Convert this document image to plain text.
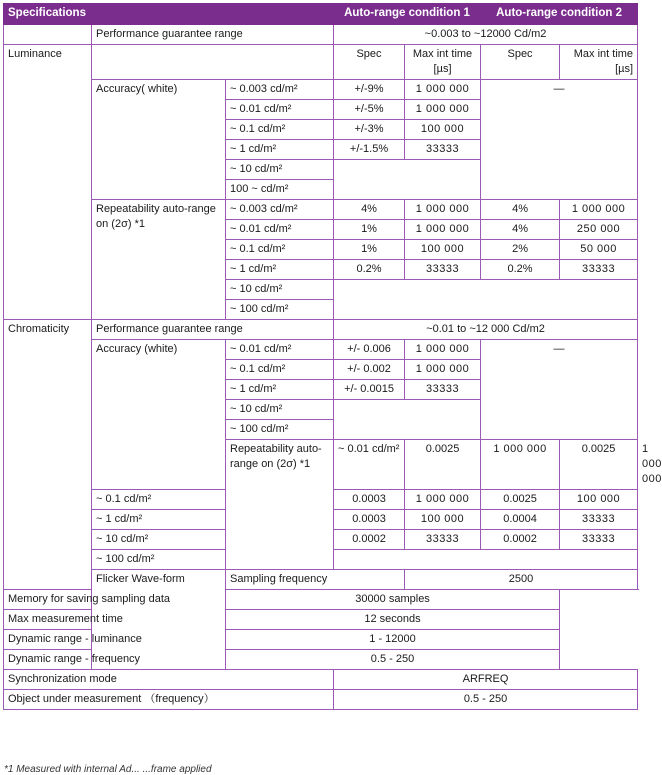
Specifications			Auto-range condition 1		Auto-range condition 2		
	Performance guarantee range		~0.003 to ~12000 Cd/m2				
Luminance			Spec	Max int time [µs]	Spec	Max int time [µs]	
	Accuracy( white)	~ 0.003 cd/m²	+/-9%	1 000 000	—		
		~ 0.01 cd/m²	+/-5%	1 000 000			
		~ 0.1 cd/m²	+/-3%	100 000			
		~ 1 cd/m²	+/-1.5%	33333			
		~ 10 cd/m²					
		100 ~ cd/m²					
	Repeatability auto-range on (2σ) *1	~ 0.003 cd/m²	4%	1 000 000	4%	1 000 000	
		~ 0.01 cd/m²	1%	1 000 000	4%	250 000	
		~ 0.1 cd/m²	1%	100 000	2%	50 000	
		~ 1 cd/m²	0.2%	33333	0.2%	33333	
		~ 10 cd/m²					
		~ 100 cd/m²					
Chromaticity	Performance guarantee range		~0.01 to ~12 000 Cd/m2				
	Accuracy (white)	~ 0.01 cd/m²	+/- 0.006	1 000 000	—		
		~ 0.1 cd/m²	+/- 0.002	1 000 000			
		~ 1 cd/m²	+/- 0.0015	33333			
		~ 10 cd/m²					
		~ 100 cd/m²					
		Repeatability auto-range on (2σ) *1	~ 0.01 cd/m²	0.0025	1 000 000	0.0025	1 000 000
	~ 0.1 cd/m²		0.0003	1 000 000	0.0025	100 000	
	~ 1 cd/m²		0.0003	100 000	0.0004	33333	
	~ 10 cd/m²		0.0002	33333	0.0002	33333	
	~ 100 cd/m²						
	Flicker Wave-form	Sampling frequency		2500			
Memory for saving sampling data		30000 samples					
Max measurement time		12 seconds					
Dynamic range - luminance		1 - 12000					
Dynamic range - frequency		0.5 - 250					
Synchronization mode			ARFREQ				
Object under measurement （frequency）			0.5 - 250				
*1 Measured with internal Ad... ...frame applied
